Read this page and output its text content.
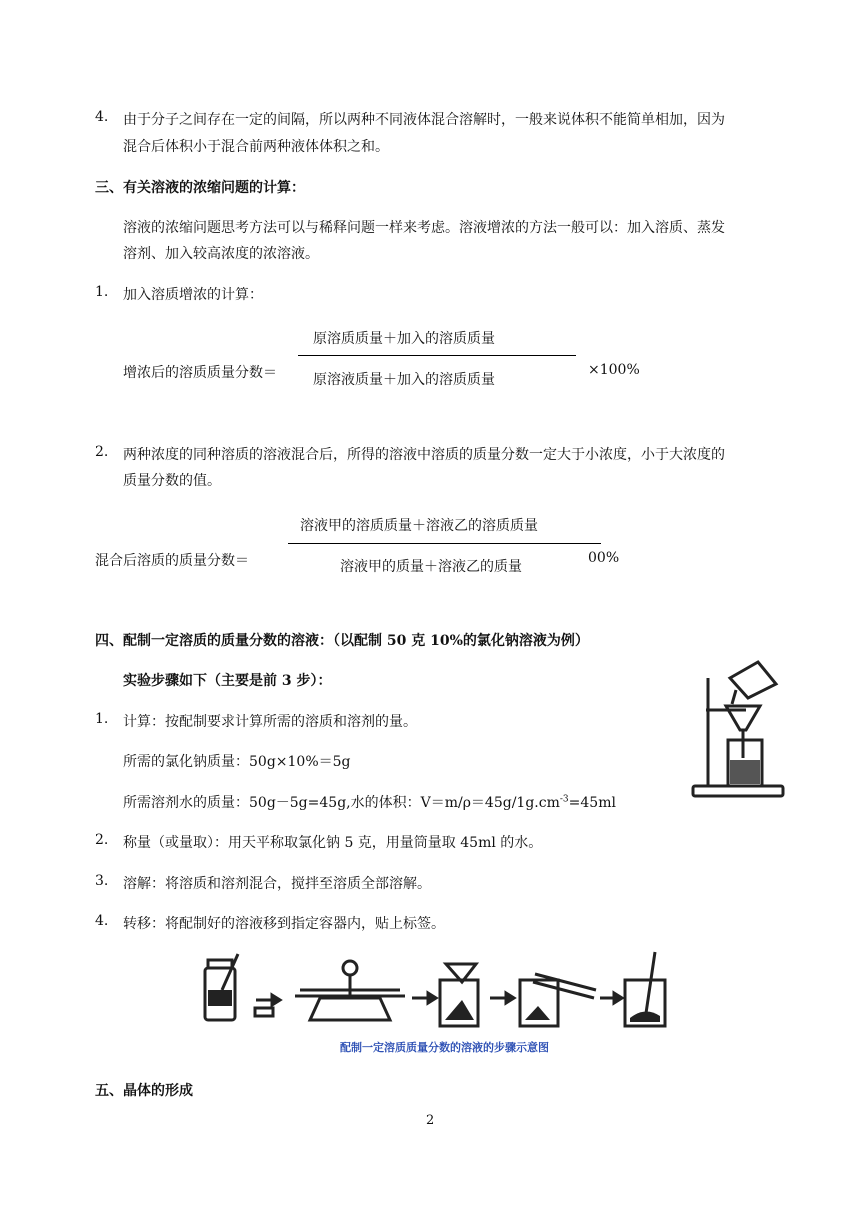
4. 由于分子之间存在一定的间隔，所以两种不同液体混合溶解时，一般来说体积不能简单相加，因为
混合后体积小于混合前两种液体体积之和。
三、有关溶液的浓缩问题的计算：
溶液的浓缩问题思考方法可以与稀释问题一样来考虑。溶液增浓的方法一般可以：加入溶质、蒸发
溶剂、加入较高浓度的浓溶液。
1. 加入溶质增浓的计算：
原溶质质量＋加入的溶质质量
增浓后的溶质质量分数＝	原溶液质量＋加入的溶质质量
×100%
2. 两种浓度的同种溶质的溶液混合后，所得的溶液中溶质的质量分数一定大于小浓度，小于大浓度的
质量分数的值。
溶液甲的溶质质量＋溶液乙的溶质质量
混合后溶质的质量分数＝	溶液甲的质量＋溶液乙的质量
00%
四、配制一定溶质的质量分数的溶液：（以配制 50 克 10%的氯化钠溶液为例）
实验步骤如下（主要是前 3 步）：
1. 计算：按配制要求计算所需的溶质和溶剂的量。
所需的氯化钠质量：50g×10%＝5g
所需溶剂水的质量：50g－5g=45g,水的体积：$V=m/\rho=45g/1g.cm^{-3}=45ml$
2. 称量（或量取）：用天平称取氯化钠 5 克，用量筒量取 45ml 的水。
3. 溶解：将溶质和溶剂混合，搅拌至溶质全部溶解。
4. 转移：将配制好的溶液移到指定容器内，贴上标签。
配制一定溶质质量分数的溶液的步骤示意图
五、晶体的形成
2
